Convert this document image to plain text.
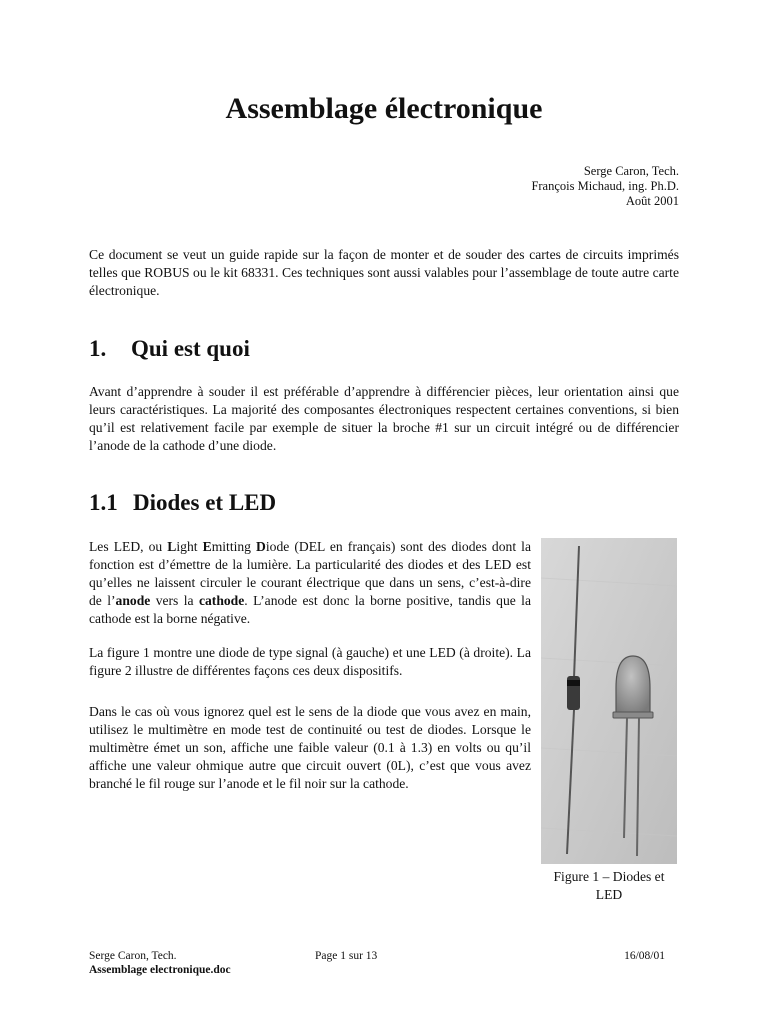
Assemblage électronique
Serge Caron, Tech.
François Michaud, ing. Ph.D.
Août 2001

Ce document se veut un guide rapide sur la façon de monter et de souder des cartes de circuits imprimés telles que ROBUS ou le kit 68331. Ces techniques sont aussi valables pour l’assemblage de toute autre carte électronique.

1. Qui est quoi

Avant d’apprendre à souder il est préférable d’apprendre à différencier pièces, leur orientation ainsi que leurs caractéristiques. La majorité des composantes électroniques respectent certaines conventions, si bien qu’il est relativement facile par exemple de situer la broche #1 sur un circuit intégré ou de différencier l’anode de la cathode d’une diode.

1.1 Diodes et LED

Les LED, ou Light Emitting Diode (DEL en français) sont des diodes dont la fonction est d’émettre de la lumière. La particularité des diodes et des LED est qu’elles ne laissent circuler le courant électrique que dans un sens, c’est-à-dire de l’anode vers la cathode. L’anode est donc la borne positive, tandis que la cathode est la borne négative.

La figure 1 montre une diode de type signal (à gauche) et une LED (à droite). La figure 2 illustre de différentes façons ces deux dispositifs.

Dans le cas où vous ignorez quel est le sens de la diode que vous avez en main, utilisez le multimètre en mode test de continuité ou test de diodes. Lorsque le multimètre émet un son, affiche une faible valeur (0.1 à 1.3) en volts ou qu’il affiche une valeur ohmique autre que circuit ouvert (0L), c’est que vous avez branché le fil rouge sur l’anode et le fil noir sur la cathode.

Figure 1 – Diodes et LED
Serge Caron, Tech.
Assemblage electronique.doc
Page 1 sur 13	16/08/01
